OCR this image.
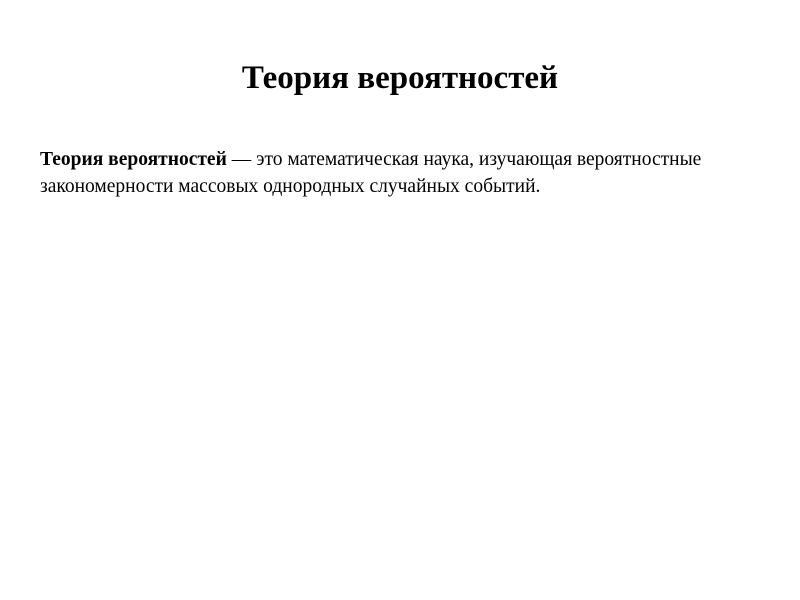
Теория вероятностей

Теория вероятностей — это математическая наука, изучающая вероятностные закономерности массовых однородных случайных событий.
